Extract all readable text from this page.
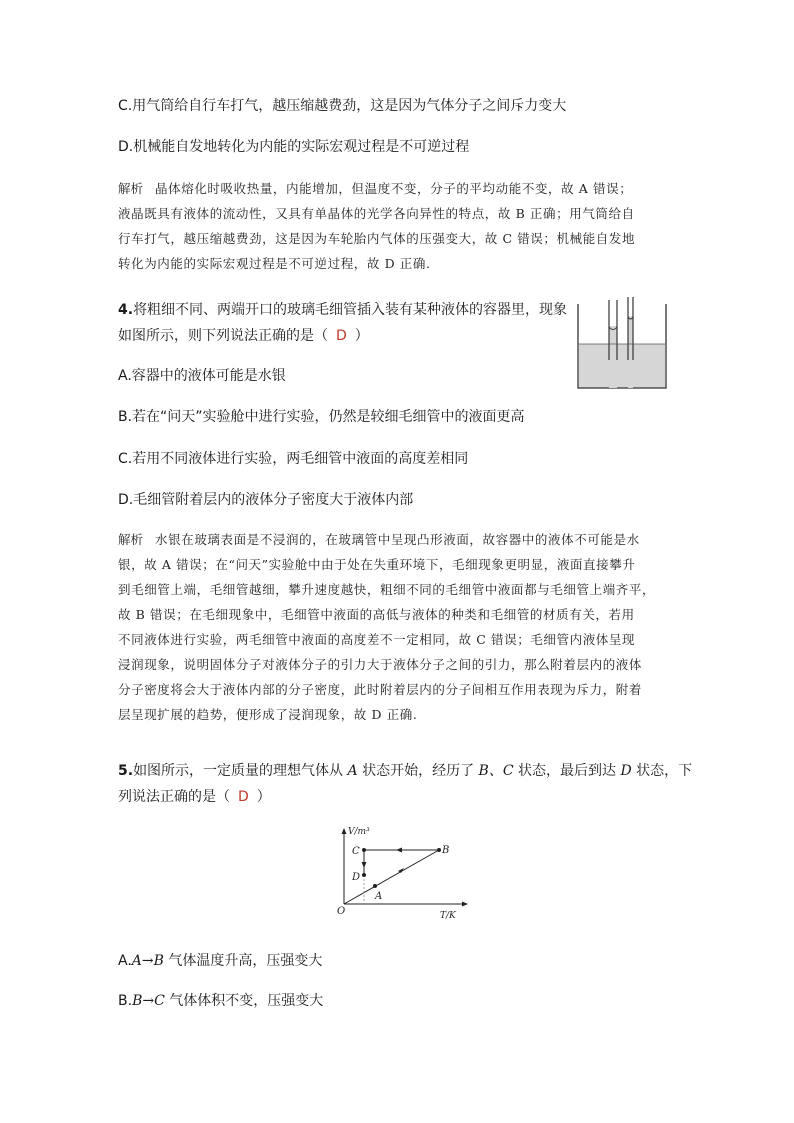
C.用气筒给自行车打气，越压缩越费劲，这是因为气体分子之间斥力变大
D.机械能自发地转化为内能的实际宏观过程是不可逆过程
解析 晶体熔化时吸收热量，内能增加，但温度不变，分子的平均动能不变，故 A 错误；
液晶既具有液体的流动性，又具有单晶体的光学各向异性的特点，故 B 正确；用气筒给自
行车打气，越压缩越费劲，这是因为车轮胎内气体的压强变大，故 C 错误；机械能自发地
转化为内能的实际宏观过程是不可逆过程，故 D 正确.
4.将粗细不同、两端开口的玻璃毛细管插入装有某种液体的容器里，现象
如图所示，则下列说法正确的是（ D ）
A.容器中的液体可能是水银
B.若在“问天”实验舱中进行实验，仍然是较细毛细管中的液面更高
C.若用不同液体进行实验，两毛细管中液面的高度差相同
D.毛细管附着层内的液体分子密度大于液体内部
解析 水银在玻璃表面是不浸润的，在玻璃管中呈现凸形液面，故容器中的液体不可能是水
银，故 A 错误；在“问天”实验舱中由于处在失重环境下，毛细现象更明显，液面直接攀升
到毛细管上端，毛细管越细，攀升速度越快，粗细不同的毛细管中液面都与毛细管上端齐平，
故 B 错误；在毛细现象中，毛细管中液面的高低与液体的种类和毛细管的材质有关，若用
不同液体进行实验，两毛细管中液面的高度差不一定相同，故 C 错误；毛细管内液体呈现
浸润现象，说明固体分子对液体分子的引力大于液体分子之间的引力，那么附着层内的液体
分子密度将会大于液体内部的分子密度，此时附着层内的分子间相互作用表现为斥力，附着
层呈现扩展的趋势，便形成了浸润现象，故 D 正确.
5.如图所示，一定质量的理想气体从 A 状态开始，经历了 B、C 状态，最后到达 D 状态，下
列说法正确的是（ D ）
V/m³
T/K
O
A
B
C
D
A.A→B 气体温度升高，压强变大
B.B→C 气体体积不变，压强变大
